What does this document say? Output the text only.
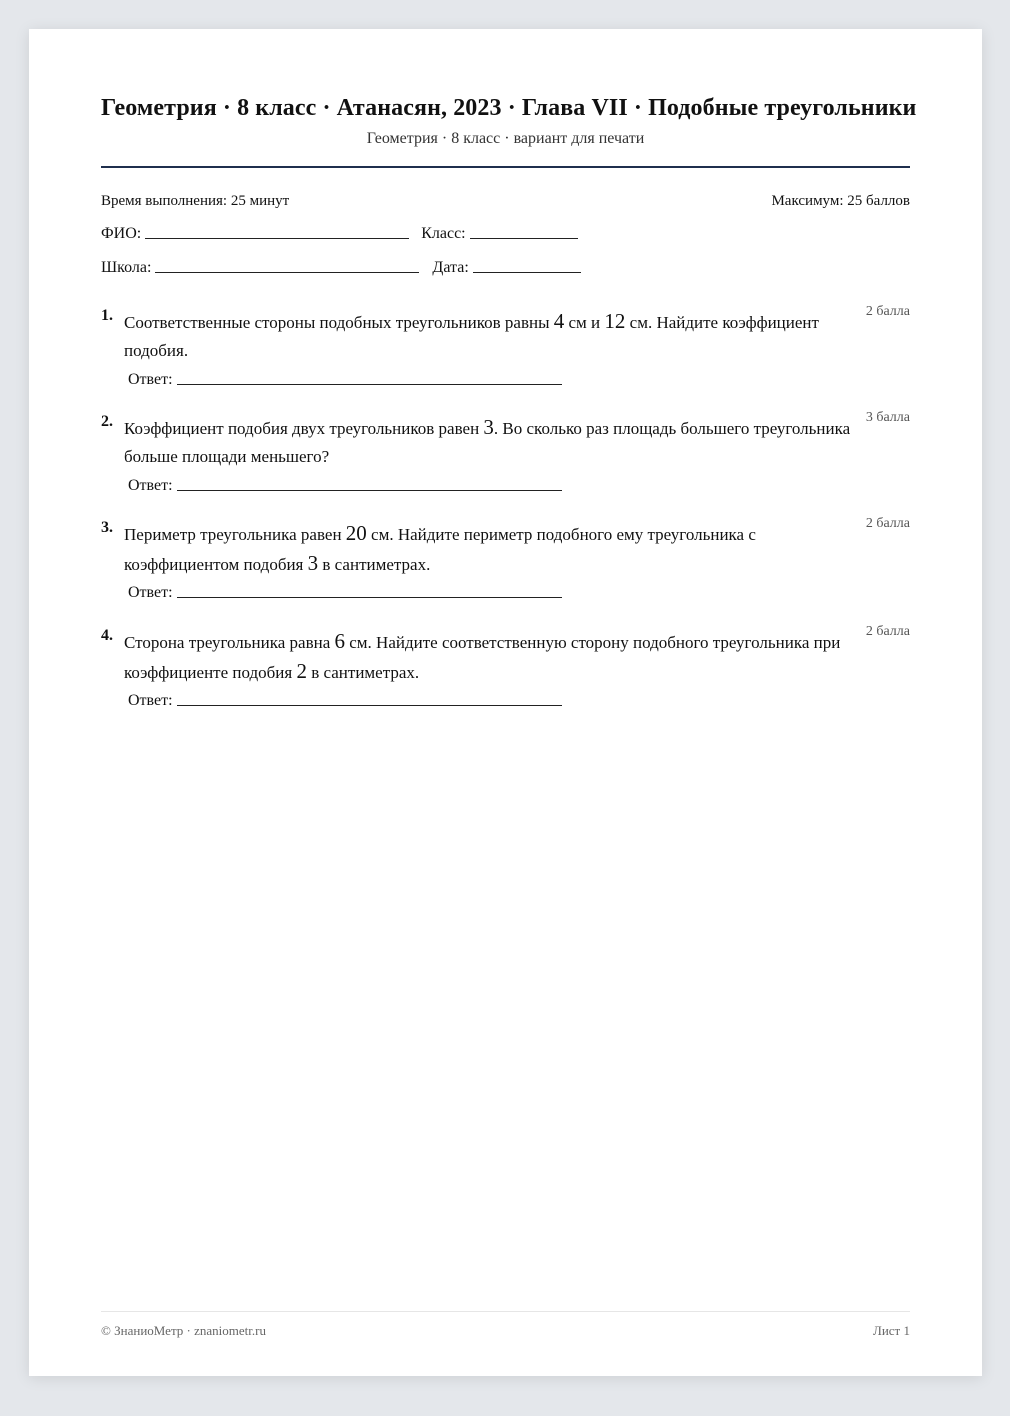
Геометрия · 8 класс · Атанасян, 2023 · Глава VII · Подобные треугольники
Геометрия · 8 класс · вариант для печати
Время выполнения: 25 минут	Максимум: 25 баллов
ФИО:	Класс:
Школа:	Дата:
1. Соответственные стороны подобных треугольников равны 4 см и 12 см. Найдите коэффициент подобия.
2 балла
Ответ:
2. Коэффициент подобия двух треугольников равен 3. Во сколько раз площадь большего треугольника больше площади меньшего?
3 балла
Ответ:
3. Периметр треугольника равен 20 см. Найдите периметр подобного ему треугольника с коэффициентом подобия 3 в сантиметрах.
2 балла
Ответ:
4. Сторона треугольника равна 6 см. Найдите соответственную сторону подобного треугольника при коэффициенте подобия 2 в сантиметрах.
2 балла
Ответ:
© ЗнаниоМетр · znaniometr.ru	Лист 1
